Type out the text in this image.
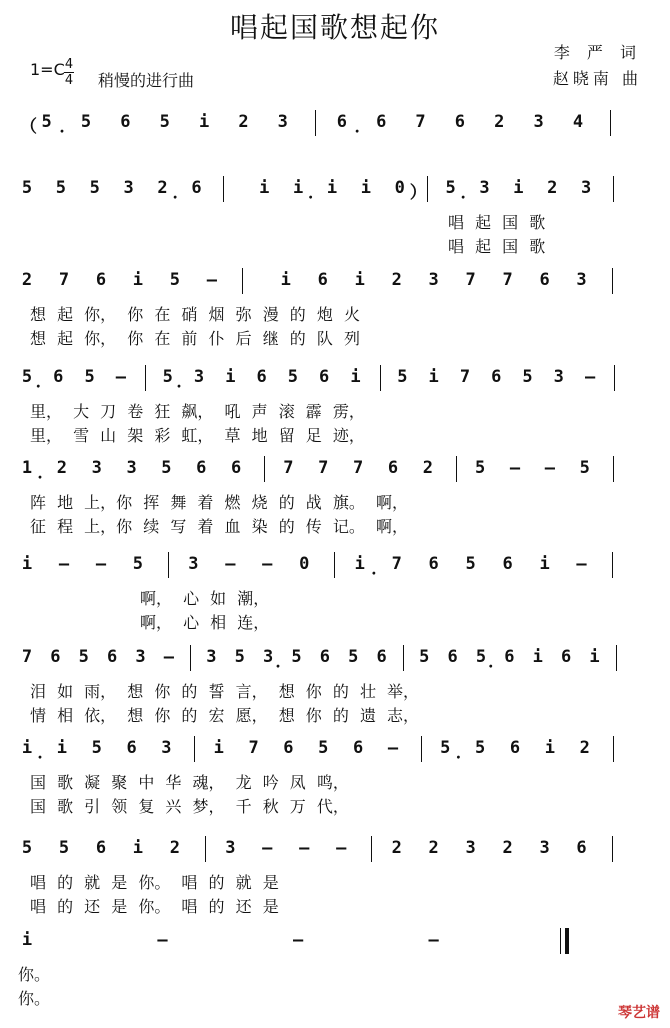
唱起国歌想起你
李 严 词
赵晓南 曲
1=C 4
4 稍慢的进行曲
（ 5 ． 5 6 5 i 2 3	6 ． 6 7 6 2 3 4
5 5 5 3 2 ． 6	i i ． i i 0 ） 5 ． 3 i 2 3
唱 起 国 歌
唱 起 国 歌
2 7 6 i 5 —	i 6 i 2 3 7 7 6 3
想 起 你， 你 在 硝 烟 弥 漫 的 炮 火
想 起 你， 你 在 前 仆 后 继 的 队 列
5 ． 6 5 — 5 ． 3 i 6 5 6 i 5 i 7 6 5 3 —
里， 大 刀 卷 狂 飙， 吼 声 滚 霹 雳，
里， 雪 山 架 彩 虹， 草 地 留 足 迹，
1 ． 2 3 3 5 6 6 7 7 7 6 2 5 — — 5
阵 地 上，你 挥 舞 着 燃 烧 的 战 旗。 啊，
征 程 上，你 续 写 着 血 染 的 传 记。 啊，
i — — 5	3 — — 0	i ． 7 6 5 6 i —
啊， 心 如 潮，
啊， 心 相 连，
7 6 5 6 3 — 3 5 3 ． 5 6 5 6 5 6 5 ． 6 i 6 i
泪 如 雨， 想 你 的 誓 言， 想 你 的 壮 举，
情 相 依， 想 你 的 宏 愿， 想 你 的 遗 志，
i ． i 5 6 3 i 7 6 5 6 — 5 ． 5 6 i 2
国 歌 凝 聚 中 华 魂， 龙 吟 凤 鸣，
国 歌 引 领 复 兴 梦， 千 秋 万 代，
5 5 6 i 2	3 — — —	2 2 3 2 3 6
唱 的 就 是 你。 唱 的 就 是
唱 的 还 是 你。 唱 的 还 是
i	—	—	—
你。
你。
琴艺谱
